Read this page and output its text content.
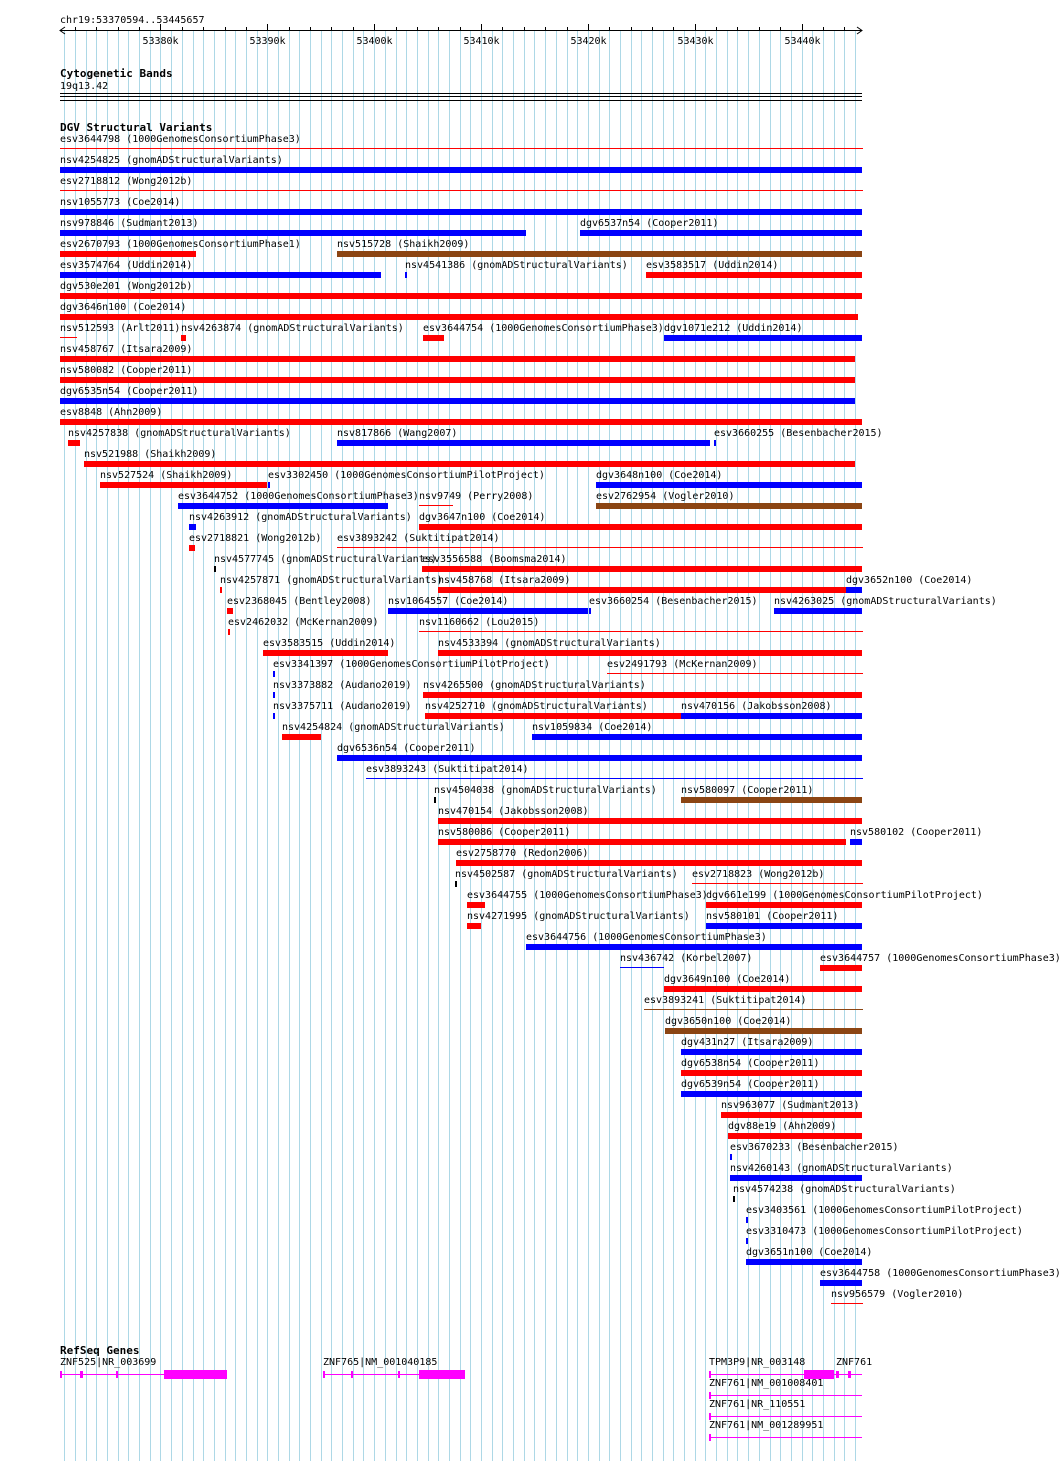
chr19:53370594..53445657
53380k	53390k	53400k	53410k	53420k	53430k	53440k
Cytogenetic Bands
19q13.42
DGV Structural Variants
esv3644798 (1000GenomesConsortiumPhase3)
nsv4254825 (gnomADStructuralVariants)
esv2718812 (Wong2012b)
nsv1055773 (Coe2014)
nsv978846 (Sudmant2013)	dgv6537n54 (Cooper2011)
esv2670793 (1000GenomesConsortiumPhase1)	nsv515728 (Shaikh2009)
esv3574764 (Uddin2014)	nsv4541386 (gnomADStructuralVariants) esv3583517 (Uddin2014)
dgv530e201 (Wong2012b)
dgv3646n100 (Coe2014)
nsv512593 (Arlt2011) nsv4263874 (gnomADStructuralVariants) esv3644754 (1000GenomesConsortiumPhase3) dgv1071e212 (Uddin2014)
nsv458767 (Itsara2009)
nsv580082 (Cooper2011)
dgv6535n54 (Cooper2011)
esv8848 (Ahn2009)
nsv4257838 (gnomADStructuralVariants)	nsv817866 (Wang2007)	esv3660255 (Besenbacher2015)
nsv521988 (Shaikh2009)
nsv527524 (Shaikh2009)	esv3302450 (1000GenomesConsortiumPilotProject)	dgv3648n100 (Coe2014)
esv3644752 (1000GenomesConsortiumPhase3) nsv9749 (Perry2008)	esv2762954 (Vogler2010)
nsv4263912 (gnomADStructuralVariants) dgv3647n100 (Coe2014)
esv2718821 (Wong2012b) esv3893242 (Suktitipat2014)
nsv4577745 (gnomADStructuralVariants)
esv3556588 (Boomsma2014)
nsv4257871 (gnomADStructuralVariants)
nsv458768 (Itsara2009)	dgv3652n100 (Coe2014)
esv2368045 (Bentley2008) nsv1064557 (Coe2014)	esv3660254 (Besenbacher2015) nsv4263025 (gnomADStructuralVariants)
esv2462032 (McKernan2009)	nsv1160662 (Lou2015)
esv3583515 (Uddin2014)	nsv4533394 (gnomADStructuralVariants)
esv3341397 (1000GenomesConsortiumPilotProject)	esv2491793 (McKernan2009)
nsv3373882 (Audano2019) nsv4265500 (gnomADStructuralVariants)
nsv3375711 (Audano2019) nsv4252710 (gnomADStructuralVariants)	nsv470156 (Jakobsson2008)
nsv4254824 (gnomADStructuralVariants)	nsv1059834 (Coe2014)
dgv6536n54 (Cooper2011)
esv3893243 (Suktitipat2014)
nsv4504038 (gnomADStructuralVariants) nsv580097 (Cooper2011)
nsv470154 (Jakobsson2008)
nsv580086 (Cooper2011)	nsv580102 (Cooper2011)
esv2758770 (Redon2006)
nsv4502587 (gnomADStructuralVariants) esv2718823 (Wong2012b)
esv3644755 (1000GenomesConsortiumPhase3)
dgv661e199 (1000GenomesConsortiumPilotProject)
nsv4271995 (gnomADStructuralVariants) nsv580101 (Cooper2011)
esv3644756 (1000GenomesConsortiumPhase3)
nsv436742 (Korbel2007)	esv3644757 (1000GenomesConsortiumPhase3)
dgv3649n100 (Coe2014)
esv3893241 (Suktitipat2014)
dgv3650n100 (Coe2014)
dgv431n27 (Itsara2009)
dgv6538n54 (Cooper2011)
dgv6539n54 (Cooper2011)
nsv963077 (Sudmant2013)
dgv88e19 (Ahn2009)
esv3670233 (Besenbacher2015)
nsv4260143 (gnomADStructuralVariants)
nsv4574238 (gnomADStructuralVariants)
esv3403561 (1000GenomesConsortiumPilotProject)
esv3310473 (1000GenomesConsortiumPilotProject)
dgv3651n100 (Coe2014)
esv3644758 (1000GenomesConsortiumPhase3)
nsv956579 (Vogler2010)
RefSeq Genes
ZNF525|NR_003699	ZNF765|NM_001040185	TPM3P9|NR_003148	ZNF761
ZNF761|NM_001008401
ZNF761|NR_110551
ZNF761|NM_001289951
